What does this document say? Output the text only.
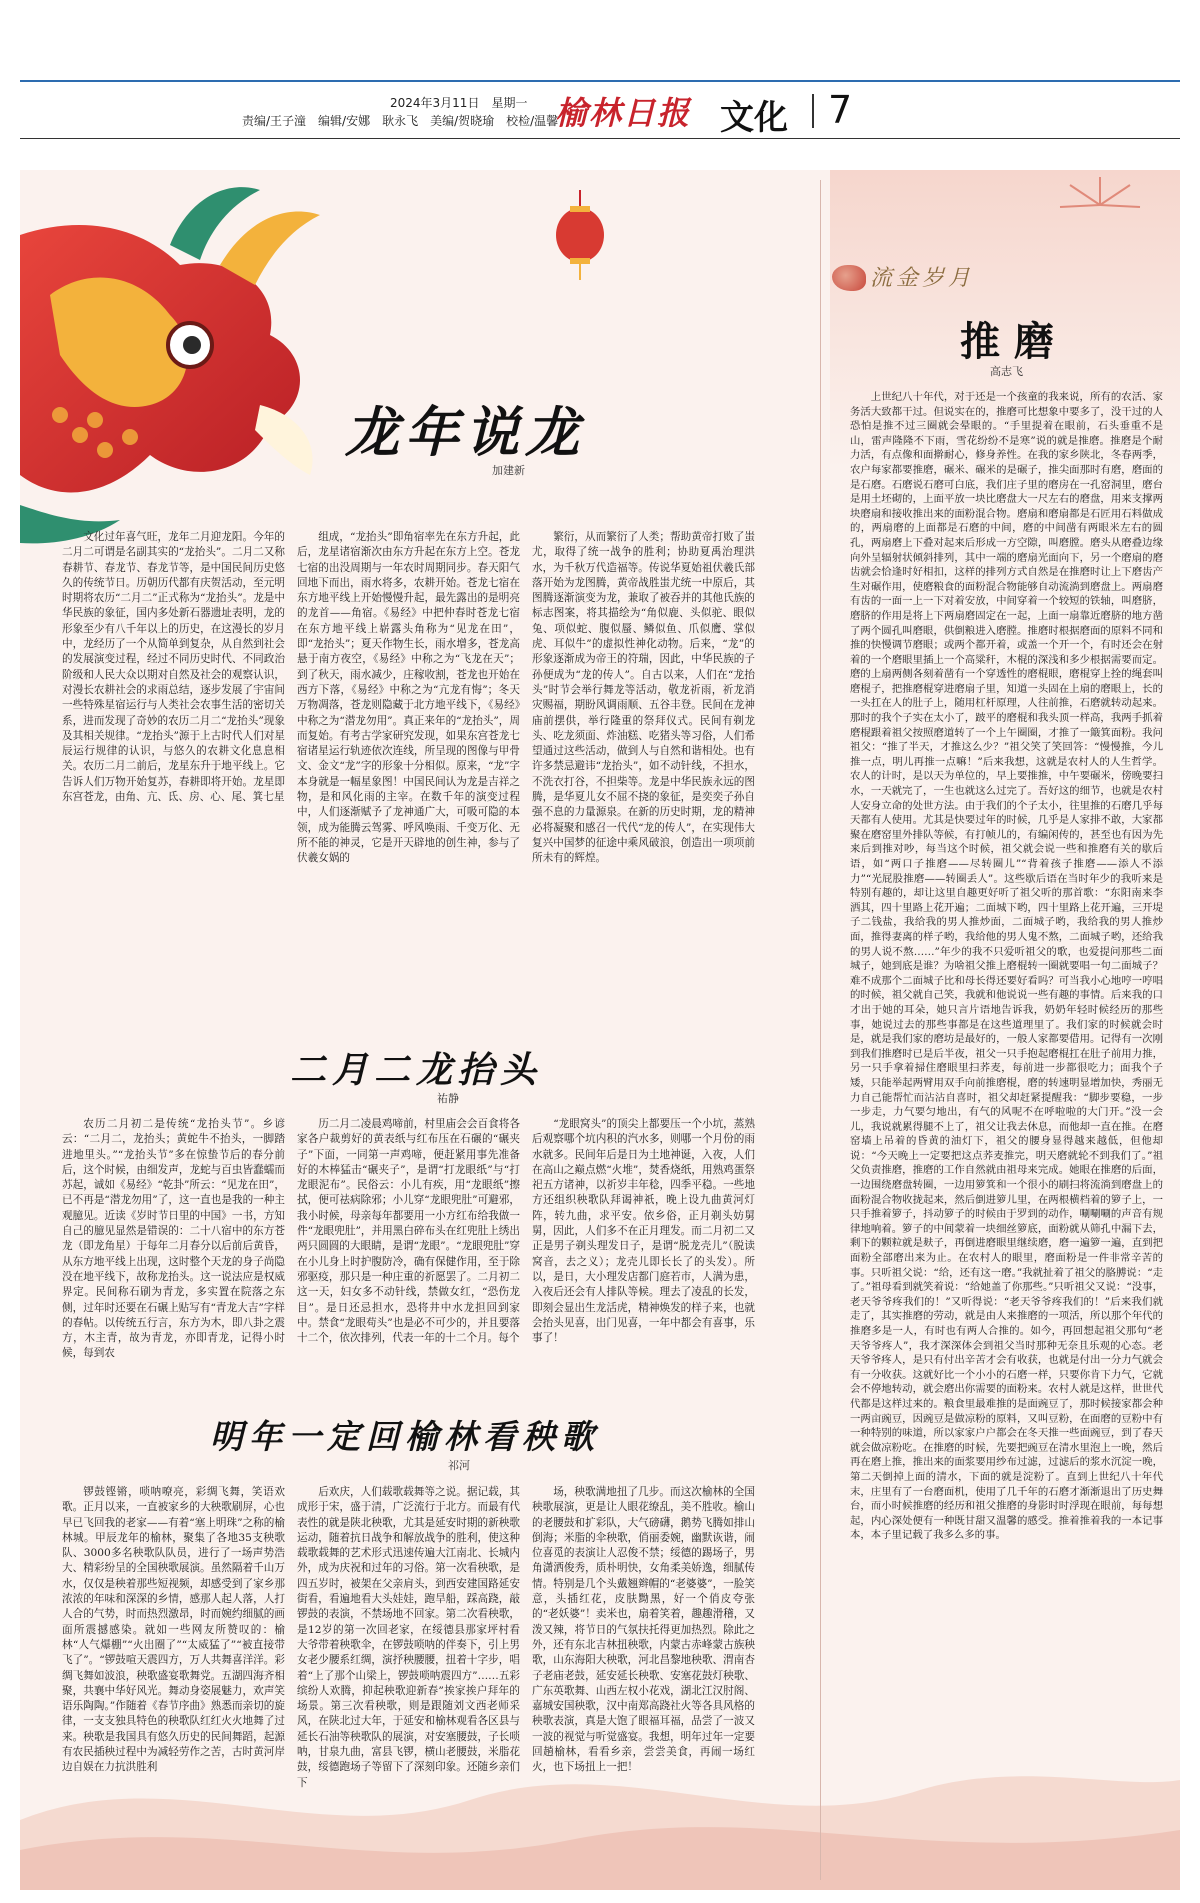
2024年3月11日　星期一
责编/王子潼　编辑/安娜　耿永飞　美编/贺晓瑜　校检/温馨
榆林日报 文化 7
龙年说龙
加建新

文化过年喜气旺，龙年二月迎龙阳。今年的二月二可谓是名副其实的“龙抬头”。二月二又称春耕节、春龙节、春龙节等，是中国民间历史悠久的传统节日。历朝历代都有庆贺活动，至元明时期将农历“二月二”正式称为“龙抬头”。龙是中华民族的象征，国内多处新石器遗址表明，龙的形象至少有八千年以上的历史，在这漫长的岁月中，龙经历了一个从简单到复杂，从自然到社会的发展演变过程，经过不同历史时代、不同政治阶级和人民大众以期对自然及社会的观察认识，对漫长农耕社会的求雨总结，逐步发展了宇宙间一些特殊星宿运行与人类社会农事生活的密切关系，进而发现了奇妙的农历二月二“龙抬头”现象及其相关规律。“龙抬头”源于上古时代人们对星辰运行规律的认识，与悠久的农耕文化息息相关。农历二月二前后，龙星东升于地平线上。它告诉人们万物开始复苏，春耕即将开始。龙星即东宫苍龙，由角、亢、氐、房、心、尾、箕七星

组成，“龙抬头”即角宿率先在东方升起，此后，龙星诸宿渐次由东方升起在东方上空。苍龙七宿的出没周期与一年农时周期同步。春天阳气回地下而出，雨水将多，农耕开始。苍龙七宿在东方地平线上开始慢慢升起，最先露出的是明亮的龙首——角宿。《易经》中把仲春时苍龙七宿在东方地平线上崭露头角称为“见龙在田”，即“龙抬头”；夏天作物生长，雨水增多，苍龙高悬于南方夜空，《易经》中称之为“飞龙在天”；到了秋天，雨水减少，庄稼收割，苍龙也开始在西方下落，《易经》中称之为“亢龙有悔”；冬天万物凋落，苍龙则隐藏于北方地平线下，《易经》中称之为“潜龙勿用”。真正来年的“龙抬头”，周而复始。有考古学家研究发现，如果东宫苍龙七宿诸星运行轨迹依次连线，所呈现的图像与甲骨文、金文“龙”字的形象十分相似。原来，“龙”字本身就是一幅星象图！中国民间认为龙是吉祥之物，是和风化雨的主宰。在数千年的演变过程中，人们逐渐赋予了龙神通广大，可吸可隐的本领，成为能腾云驾雾、呼风唤雨、千变万化、无所不能的神灵，它是开天辟地的创生神，参与了伏羲女娲的

繁衍，从而繁衍了人类；帮助黄帝打败了蚩尤，取得了统一战争的胜利；协助夏禹治理洪水，为千秋万代造福等。传说华夏始祖伏羲氏部落开始为龙图腾，黄帝战胜蚩尤统一中原后，其图腾逐渐演变为龙，兼取了被吞并的其他氏族的标志图案，将其描绘为“角似鹿、头似驼、眼似兔、项似蛇、腹似蜃、鳞似鱼、爪似鹰、掌似虎、耳似牛”的虚拟性神化动物。后来，“龙”的形象逐渐成为帝王的符瑞，因此，中华民族的子孙便成为“龙的传人”。自古以来，人们在“龙抬头”时节会举行舞龙等活动，敬龙祈雨，祈龙消灾赐福，期盼风调雨顺、五谷丰登。民间在龙神庙前摆供，举行隆重的祭拜仪式。民间有剃龙头、吃龙须面、炸油糕、吃猪头等习俗，人们希望通过这些活动，做到人与自然和谐相处。也有许多禁忌避讳“龙抬头”，如不动针线，不担水，不洗衣打谷，不担柴等。龙是中华民族永远的图腾，是华夏儿女不屈不挠的象征，是奕奕子孙自强不息的力量源泉。在新的历史时期，龙的精神必将凝聚和感召一代代“龙的传人”，在实现伟大复兴中国梦的征途中乘风破浪，创造出一项项前所未有的辉煌。

二月二龙抬头
祐静

农历二月初二是传统“龙抬头节”。乡谚云：“二月二，龙抬头；黄蛇牛不抬头，一脚踏进地里头。”“龙抬头节”多在惊蛰节后的春分前后，这个时候，由细发声，龙蛇与百虫皆蠢蠕而苏起，诚如《易经》“乾卦”所云：“见龙在田”，已不再是“潜龙勿用”了，这一直也是我的一种主观臆见。近读《岁时节日里的中国》一书，方知自己的臆见显然是错误的：二十八宿中的东方苍龙（即龙角星）于每年二月春分以后前后黄昏，从东方地平线上出现，这时整个天龙的身子尚隐没在地平线下，故称龙抬头。这一说法应是权威界定。民间称石刷为青龙，多实置在院落之东侧，过年时还要在石碾上贴写有“青龙大吉”字样的春帖。以传统五行言，东方为木，即八卦之震方，木主青，故为青龙，亦即青龙，记得小时候，每到农

历二月二凌晨鸡啼前，村里庙会会百食将各家各户裁剪好的黄表纸与红布压在石碾的“碾夹子”下面，一同第一声鸡啼，便赶紧用事先准备好的木棒猛击“碾夹子”，是谓“打龙眼纸”与“打龙眼泥布”。民俗云：小儿有疾，用“龙眼纸”擦拭，便可祛病除邪；小儿穿“龙眼兜肚”可避邪，我小时候，母亲每年都要用一小方红布给我做一件“龙眼兜肚”，并用黑白碎布头在红兜肚上绣出两只圆圆的大眼睛，是谓“龙眼”。“龙眼兜肚”穿在小儿身上时护腹防冷，确有保健作用，至于除邪驱疫，那只是一种庄重的祈愿罢了。二月初二这一天，妇女多不动针线，禁做女红，“恐伤龙目”。是日还忌担水，恐将井中水龙担回到家中。禁食“龙眼苟头”也是必不可少的，并且要落十二个，依次排列，代表一年的十二个月。每个

“龙眼窝头”的顶尖上都要压一个小坑，蒸熟后观察哪个坑内积的汽水多，则哪一个月份的雨水就多。民间年后是日为土地神诞，入夜，人们在高山之巅点燃“火堆”，焚香烧纸，用熟鸡蛋祭祀五方诸神，以祈岁丰年稔，四季平稳。一些地方还组织秧歌队拜谒神祇，晚上设九曲黄河灯阵，转九曲，求平安。依乡俗，正月剃头妨舅舅，因此，人们多不在正月理发。而二月初二又正是男子剃头理发日子，是谓“脱龙壳儿”（脱读窝音，去之义）；龙壳儿即长长了的头发）。所以，是日，大小理发店都门庭若市，人满为患，入夜后还会有人排队等候。理去了凌乱的长发，即刻会显出生龙活虎，精神焕发的样子来，也就会抬头见喜，出门见喜，一年中都会有喜事，乐事了！

明年一定回榆林看秧歌
祁河

锣鼓铿锵，唢呐嘹亮，彩绸飞舞，笑语欢歌。正月以来，一直被家乡的大秧歌刷屏，心也早已飞回我的老家——有着“塞上明珠”之称的榆林城。甲辰龙年的榆林，聚集了各地35支秧歌队、3000多名秧歌队队员，进行了一场声势浩大、精彩纷呈的全国秧歌展演。虽然隔着千山万水，仅仅是秧着那些短视频，却感受到了家乡那浓浓的年味和深深的乡情，感那人起人落，人打人合的气势，时而热烈激昂，时而婉约细腻的画面所震撼感染。就如一些网友所赞叹的：榆林“人气爆棚”“火出圈了”“太威猛了”“被直接带飞了”。“锣鼓喧天震四方，万人共舞喜洋洋。彩绸飞舞如波浪，秧歌盛宴歌舞党。五湖四海齐相聚，共襄中华好风光。舞动身姿展魅力，欢声笑语乐陶陶。”作随着《春节序曲》熟悉而亲切的旋律，一支支独具特色的秧歌队红红火火地舞了过来。秧歌是我国具有悠久历史的民间舞蹈，起源有农民插秧过程中为减轻劳作之苦，古时黄河岸边自娱在力抗洪胜利

后欢庆，人们载歌载舞等之说。据记载，其成形于宋，盛于清，广泛流行于北方。而最有代表性的就是陕北秧歌，尤其是延安时期的新秧歌运动，随着抗日战争和解放战争的胜利，使这种载歌载舞的艺术形式迅速传遍大江南北、长城内外，成为庆祝和过年的习俗。第一次看秧歌，是四五岁时，被架在父亲肩头，到西安建国路延安街看，看遍地看大头娃娃，跑旱船，踩高跷，敲锣鼓的表演，不禁场地不回家。第二次看秧歌，是12岁的第一次回老家，在绥德县那家坪村看大爷带着秧歌伞，在锣鼓唢呐的伴奏下，引上男女老少腰系红绸，演抒秧腰腰，扭着十字步，唱着“上了那个山梁上，锣鼓唢呐震四方”……五彩缤纷人欢腾，抑起秧歌迎新春”挨家挨户拜年的场景。第三次看秧歌，则是跟随刘文西老师采风，在陕北过大年，于延安和榆林观看各区县与延长石油等秧歌队的展演，对安塞腰鼓，子长唢呐，甘泉九曲，富县飞锣，横山老腰鼓，米脂花鼓，绥德跑场子等留下了深刻印象。还随乡亲们下

场，秧歌满地扭了几步。而这次榆林的全国秧歌展演，更是让人眼花缭乱，美不胜收。榆山的老腰鼓和扩彩队，大气磅礴，鹅势飞腾如排山倒海；米脂的伞秧歌，俏丽委婉，幽默诙谐，闹位喜觅的表演让人忍俊不禁；绥德的踢场子，男角潇洒俊秀，质朴明快，女角柔美娇逸，细腻传情。特别是几个头戴翘辫帽的“老婆婆”，一脸笑意，头插红花，皮肤黝黑，好一个俏皮夸张的“老妖婆”！卖米也，扇着笑着，趣趣滑稽，又泼又辣，将节日的气氛扶托得更加热烈。除此之外，还有东北吉林扭秧歌，内蒙古赤峰蒙古族秧歌，山东海阳大秧歌，河北昌黎地秧歌、渭南杏子老庙老鼓，延安延长秧歌、安塞花鼓灯秧歌、广东英歌舞、山西左权小花戏，湖北江汉肘阁、嘉城安国秧歌，汉中南郑高跷社火等各具风格的秧歌表演，真是大饱了眼福耳福，品尝了一波又一波的视觉与听觉盛宴。我想，明年过年一定要回趟榆林，看看乡亲，尝尝美食，再闹一场红火，也下场扭上一把！

流金岁月
推磨
高志飞

上世纪八十年代，对于还是一个孩童的我来说，所有的农活、家务活大致都干过。但说实在的，推磨可比想象中要多了，没干过的人恐怕是推不过三圈就会晕眼的。“手里提着在眼前，石头垂重不是山，雷声隆隆不下雨，雪花纷纷不是寒”说的就是推磨。推磨是个耐力活，有点像和面擀耐心，修身养性。在我的家乡陕北，冬春两季，农户每家都要推磨，碾米、碾米的是碾子，推尖面那时有磨，磨面的是石磨。石磨说石磨可白底，我们庄子里的磨房在一孔窑洞里，磨台是用土坯砌的，上面平放一块比磨盘大一尺左右的磨盘，用来支撑两块磨扇和接收推出来的面粉混合物。磨扇和磨扇都是石匠用石料做成的，两扇磨的上面都是石磨的中间，磨的中间凿有两眼米左右的圆孔，两扇磨上下叠对起来后形成一方空隙，叫磨膛。磨头从磨叠边缘向外呈辐射状倾斜排列，其中一端的磨扇光面向下，另一个磨扇的磨齿就会恰逢时好相扣，这样的排列方式自然是在推磨时让上下磨齿产生对碾作用，使磨粮食的面粉混合物能够自动流淌到磨盘上。两扇磨有齿的一面一上一下对着安放，中间穿着一个较短的铁轴，叫磨脐，磨脐的作用是将上下两扇磨固定在一起，上面一扇靠近磨脐的地方凿了两个圆孔叫磨眼，供倒粮进入磨膛。推磨时根据磨面的原料不同和推的快慢调节磨眼；或两个都开着，或盖一个开一个，有时还会在射着的一个磨眼里插上一个高粱秆，木棍的深浅和多少根据需要而定。磨的上扇两侧各刻着凿有一个穿透性的磨棍眼，磨棍穿上拴的绳套叫磨棍子，把推磨棍穿进磨扇子里，知道一头固在上扇的磨眼上，长的一头扛在人的肚子上，随用杠杆原理，人往前推，石磨就转动起来。那时的我个子实在太小了，跛平的磨棍和我头顶一样高，我两手抓着磨棍跟着祖父按照磨道转了一个上午圈圈，才推了一簸箕面粉。我问祖父：“推了半天，才推这么少？”祖父笑了笑回答：“慢慢推，今儿推一点，明儿再推一点嘛！”后来我想，这就是农村人的人生哲学。农人的计时，是以天为单位的，早上要推推，中午要碾米，傍晚要扫水，一天就完了，一生也就这么过完了。吾好这的细节，也就是农村人安身立命的处世方法。由于我们的个子太小，往里推的石磨几乎每天都有人使用。尤其是快要过年的时候，几乎是人家排不敢，大家都聚在磨窑里外排队等候，有打帧儿的，有编闲传的，甚至也有因为先来后到推对吵，每当这个时候，祖父就会说一些和推磨有关的歇后语，如“两口子推磨——尽转圈儿”“背着孩子推磨——添人不添力”“光屁股推磨——转圈丢人”。这些歇后语在当时年少的我听来是特别有趣的，却让这里自趣更好听了祖父听的那首歌：“东阳南来李洒其，四十里路上花开遍；二面城下哟，四十里路上花开遍，三开堤子二钱盐，我给我的男人推炒面，二面城子哟，我给我的男人推炒面，推得妻离的样子哟，我给他的男人鬼不熬，二面城子哟，还给我的男人说不熬……”年少的我不只爱听祖父的歌，也爱提问那些二面城子，她到底是谁？为啥祖父推上磨棍转一圈就要唱一句二面城子？难不成那个二面城子比和母长得还要好看吗？可当我小心地哼一哼唱的时候，祖父就自己笑，我就和他说说一些有趣的事情。后来我的口才出于她的耳朵，她只言片语地告诉我，奶奶年轻时候经历的那些事，她说过去的那些事都是在这些道理里了。我们家的时候就会时是，就是我们家的磨坊是最好的，一般人家都要借用。记得有一次刚到我们推磨时已是后半夜，祖父一只手抱起磨棍扛在肚子前用力推，另一只手拿着掃住磨眼里扫荞麦，每前进一步都很吃力；面我个子矮，只能举起两臂用双手向前推磨棍，磨的转速明显增加快，秀丽无力自己能帮忙而沾沾自喜时，祖父却赶紧提醒我：“脚步要稳，一步一步走，力气要匀地出，有气的风呢不在呼啦啦的大门开。”没一会儿，我说就累得腿不上了，祖父让我去休息，而他却一直在推。在磨窑墙上吊着的昏黄的油灯下，祖父的腰身显得越来越低，但他却说：“今天晚上一定要把这点荞麦推完，明天磨就轮不到我们了。”祖父负责推磨，推磨的工作自然就由祖母来完成。她眼在推磨的后面，一边围绕磨盘转圈，一边用箩箕和一个很小的刷扫将流淌到磨盘上的面粉混合物收拢起来，然后倒进箩儿里，在两根横档着的箩子上，一只手推着箩子，抖动箩子的时候由于罗到的动作，唰唰唰的声音有规律地响着。箩子的中间蒙着一块细丝箩底，面粉就从筛孔中漏下去，剩下的颗粒就是麸子，再倒进磨眼里继续磨，磨一遍箩一遍，直到把面粉全部磨出来为止。在农村人的眼里，磨面粉是一件非常辛苦的事。只听祖父说：“给，还有这一磨。”我就扯着了祖父的胳膊说：“走了。”祖母看到就笑着说：“给她盖了你那些。”只听祖父又说：“没事，老天爷爷疼我们的！”又听得说：“老天爷爷疼我们的！”后来我们就走了，其实推磨的劳动，就是由人来推磨的一项活，所以那个年代的推磨多是一人，有时也有两人合推的。如今，再回想起祖父那句“老天爷爷疼人”，我才深深体会到祖父当时那种无奈且乐观的心态。老天爷爷疼人，是只有付出辛苦才会有收获，也就是付出一分力气就会有一分收获。这就好比一个小小的石磨一样，只要你肯下力气，它就会不停地转动，就会磨出你需要的面粉来。农村人就是这样，世世代代都是这样过来的。粮食里最难推的是面豌豆了，那时候接家都会种一两亩豌豆，因豌豆是做凉粉的原料，又叫豆粉，在面磨的豆粉中有一种特别的味道，所以家家户户都会在冬天推一些面豌豆，到了春天就会做凉粉吃。在推磨的时候，先要把豌豆在清水里泡上一晚，然后再在磨上推，推出来的面浆要用纱布过滤，过滤后的浆水沉淀一晚，第二天倒掉上面的清水，下面的就是淀粉了。直到上世纪八十年代末，庄里有了一台磨面机，使用了几千年的石磨才渐渐退出了历史舞台，而小时候推磨的经历和祖父推磨的身影时时浮现在眼前，每每想起，内心深处便有一种既甘甜又温馨的感受。推着推着我的一本记事本，本子里记载了我多么多的事。
